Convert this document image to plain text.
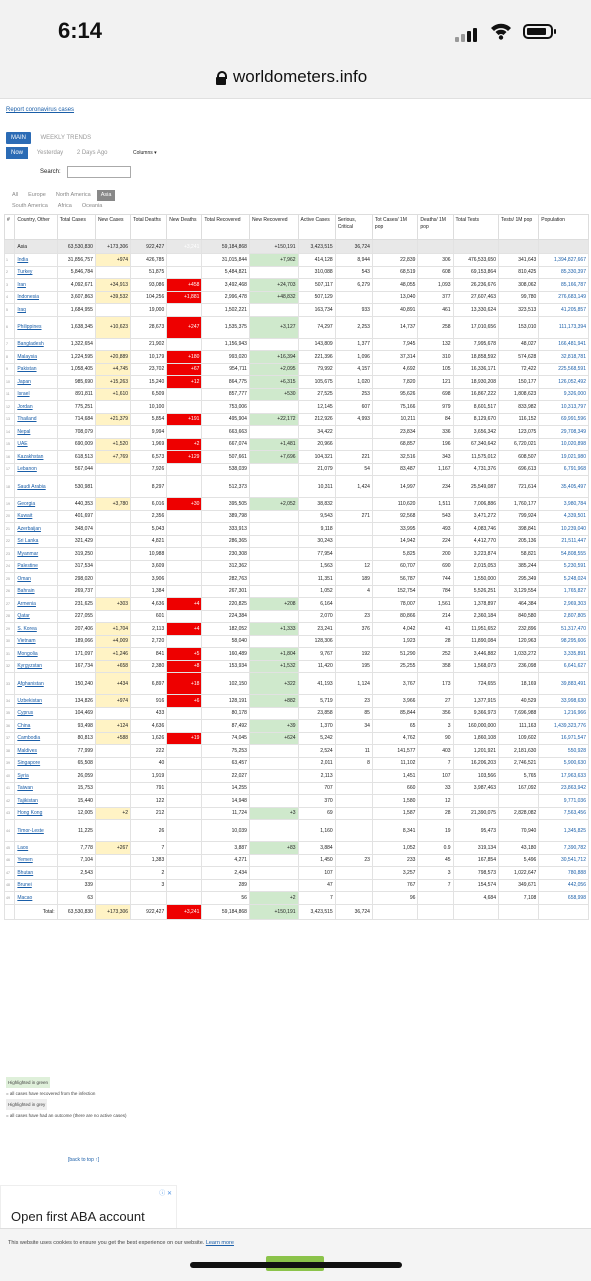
6:14
worldometers.info
Report coronavirus cases
MAIN WEEKLY TRENDS
Now Yesterday 2 Days Ago	Columns ▾
Search:
All Europe North America Asia
South America Africa Oceania
#	Country, Other	Total Cases	New Cases	Total Deaths	New Deaths	Total Recovered	New Recovered	Active Cases	Serious, Critical	Tot Cases/ 1M pop	Deaths/ 1M pop	Total Tests	Tests/ 1M pop	Population
	Asia	63,530,830	+173,306	922,427	+3,241	59,184,868	+150,191	3,423,515	36,724					
1	India	31,856,757	+974	426,785		31,015,844	+7,962	414,128	8,944	22,839	306	476,533,650	341,643	1,394,827,667
2	Turkey	5,846,784		51,875		5,484,821		310,088	543	68,519	608	69,153,864	810,425	85,330,397
3	Iran	4,092,671	+34,913	93,086	+458	3,492,468	+24,703	507,117	6,279	48,055	1,093	26,236,676	308,062	85,166,787
4	Indonesia	3,607,863	+39,532	104,256	+1,881	2,996,478	+48,832	507,129		13,040	377	27,607,463	99,780	276,683,149
5	Iraq	1,684,955		19,000		1,502,221		163,734	933	40,891	461	13,330,624	323,513	41,205,857
6	Philippines	1,638,345	+10,623	28,673	+247	1,535,375	+3,127	74,297	2,253	14,737	258	17,010,656	153,010	111,173,394
7	Bangladesh	1,322,654		21,902		1,156,943		143,809	1,377	7,945	132	7,995,678	48,027	166,481,941
8	Malaysia	1,224,595	+20,889	10,179	+180	993,020	+16,394	221,396	1,096	37,314	310	18,858,592	574,628	32,818,781
9	Pakistan	1,058,405	+4,745	23,702	+67	954,711	+2,095	79,992	4,157	4,692	105	16,336,171	72,422	225,568,591
10	Japan	985,690	+15,263	15,240	+12	864,775	+6,315	105,675	1,020	7,820	121	18,930,208	150,177	126,052,492
11	Israel	891,811	+1,610	6,509		857,777	+530	27,525	253	95,626	698	16,867,222	1,808,623	9,326,000
12	Jordan	775,251		10,100		753,006		12,145	607	75,166	979	8,601,517	833,982	10,313,797
13	Thailand	714,684	+21,379	5,854	+191	495,904	+22,172	212,926	4,993	10,211	84	8,129,670	116,152	69,991,596
14	Nepal	708,079		9,994		663,663		34,422		23,834	336	3,656,342	123,075	29,708,349
15	UAE	690,009	+1,520	1,969	+2	667,074	+1,481	20,966		68,857	196	67,340,642	6,720,021	10,020,898
16	Kazakhstan	618,513	+7,769	6,573	+129	507,661	+7,696	104,321	221	32,516	343	11,575,012	608,507	19,021,980
17	Lebanon	567,044		7,926		538,039		21,079	54	83,487	1,167	4,731,376	696,613	6,791,968
18	Saudi Arabia	530,981		8,297		512,373		10,311	1,424	14,997	234	25,549,087	721,614	35,405,497
19	Georgia	440,353	+3,780	6,016	+30	395,505	+2,052	38,832		110,620	1,511	7,006,886	1,760,177	3,980,784
20	Kuwait	401,697		2,356		389,798		9,543	271	92,568	543	3,471,272	799,924	4,339,501
21	Azerbaijan	348,074		5,043		333,913		9,118		33,995	493	4,083,746	398,841	10,239,040
22	Sri Lanka	321,429		4,821		286,365		30,243		14,942	224	4,412,770	205,136	21,511,447
23	Myanmar	319,250		10,988		230,308		77,954		5,825	200	3,223,874	58,821	54,808,555
24	Palestine	317,534		3,609		312,362		1,563	12	60,707	690	2,015,053	385,244	5,230,591
25	Oman	298,020		3,906		282,763		11,351	189	56,787	744	1,550,000	295,349	5,248,024
26	Bahrain	269,737		1,384		267,301		1,052	4	152,754	784	5,526,251	3,129,554	1,765,827
27	Armenia	231,625	+303	4,636	+4	220,825	+208	6,164		78,007	1,561	1,378,897	464,384	2,969,303
28	Qatar	227,055		601		224,384		2,070	23	80,866	214	2,360,184	840,580	2,807,805
29	S. Korea	207,406	+1,704	2,113	+4	182,052	+1,333	23,241	376	4,042	41	11,951,652	232,896	51,317,470
30	Vietnam	189,066	+4,009	2,720		58,040		128,306		1,923	28	11,890,084	120,963	98,295,606
31	Mongolia	171,097	+1,246	841	+5	160,489	+1,804	9,767	192	51,290	252	3,446,882	1,033,272	3,335,891
32	Kyrgyzstan	167,734	+658	2,380	+8	153,934	+1,532	11,420	195	25,255	358	1,568,073	236,098	6,641,627
33	Afghanistan	150,240	+434	6,897	+18	102,150	+322	41,193	1,124	3,767	173	724,655	18,169	39,883,491
34	Uzbekistan	134,826	+974	916	+6	128,191	+882	5,719	23	3,966	27	1,377,915	40,529	33,998,630
35	Cyprus	104,469		433		80,178		23,858	85	85,844	356	9,366,973	7,696,988	1,216,966
36	China	93,498	+124	4,636		87,492	+39	1,370	34	65	3	160,000,000	111,163	1,439,323,776
37	Cambodia	80,813	+588	1,626	+19	74,045	+624	5,242		4,762	90	1,860,108	109,602	16,971,547
38	Maldives	77,999		222		75,253		2,524	11	141,577	403	1,201,921	2,181,630	550,928
39	Singapore	65,508		40		63,457		2,011	8	11,102	7	16,206,203	2,746,521	5,900,630
40	Syria	26,059		1,919		22,027		2,113		1,451	107	103,566	5,765	17,963,633
41	Taiwan	15,753		791		14,255		707		660	33	3,987,463	167,092	23,863,942
42	Tajikistan	15,440		122		14,948		370		1,580	12			9,771,036
43	Hong Kong	12,005	+2	212		11,724	+3	69		1,587	28	21,390,075	2,828,082	7,563,456
44	Timor-Leste	11,225		26		10,039		1,160		8,341	19	95,473	70,940	1,345,825
45	Laos	7,778	+267	7		3,887	+83	3,884		1,052	0.9	319,134	43,180	7,390,782
46	Yemen	7,104		1,383		4,271		1,450	23	233	45	167,854	5,496	30,541,712
47	Bhutan	2,543		2		2,434		107		3,257	3	798,573	1,022,647	780,888
48	Brunei	339		3		289		47		767	7	154,574	349,671	442,056
49	Macao	63				56	+2	7		96		4,684	7,108	658,998
	Total:	63,530,830	+173,306	922,427	+3,241	59,184,868	+150,191	3,423,515	36,724					
Highlighted in green
= all cases have recovered from the infection
Highlighted in grey
= all cases have had an outcome (there are no active cases)
[back to top ↑]
ⓘ ✕
Open first ABA account
This website uses cookies to ensure you get the best experience on our website. Learn more
